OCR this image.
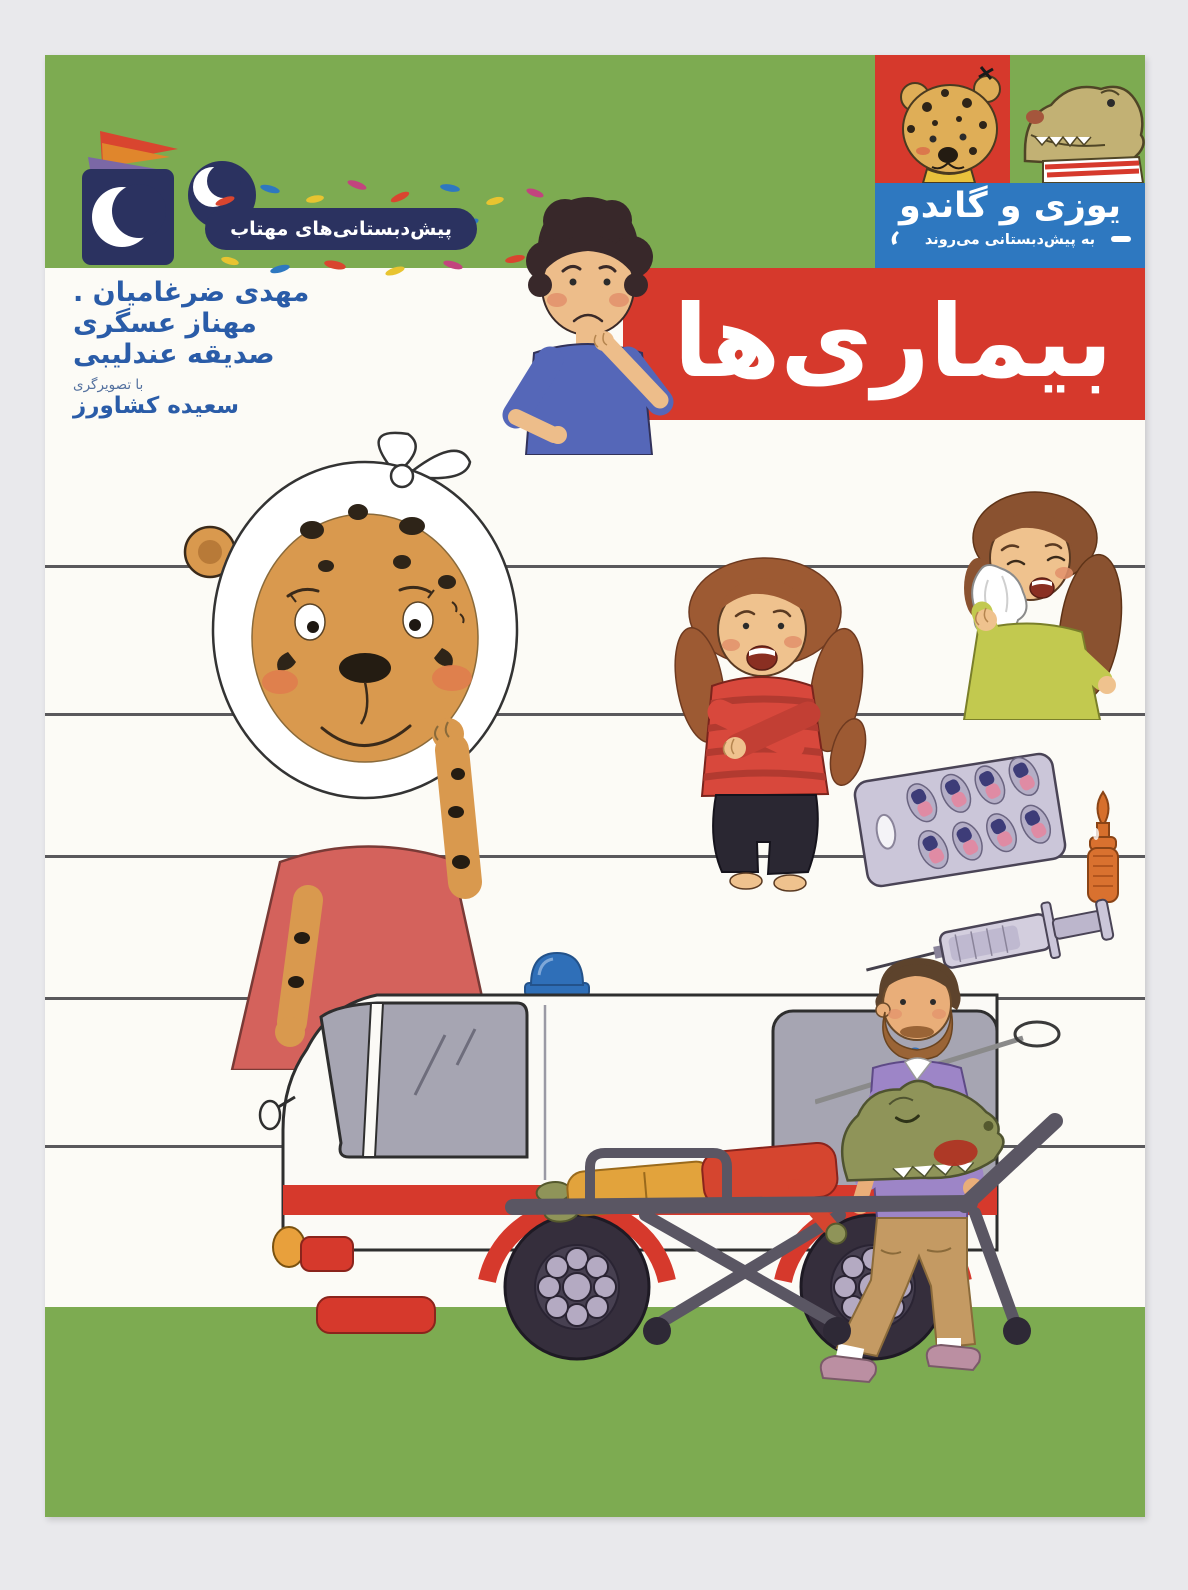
یوزی و گاندو
به پیش‌دبستانی می‌روند
بیماری‌ها
پیش‌دبستانی‌های مهتاب
مهدی ضرغامیان .
مهناز عسگری
صدیقه عندلیبی
با تصویرگری
سعیده کشاورز
